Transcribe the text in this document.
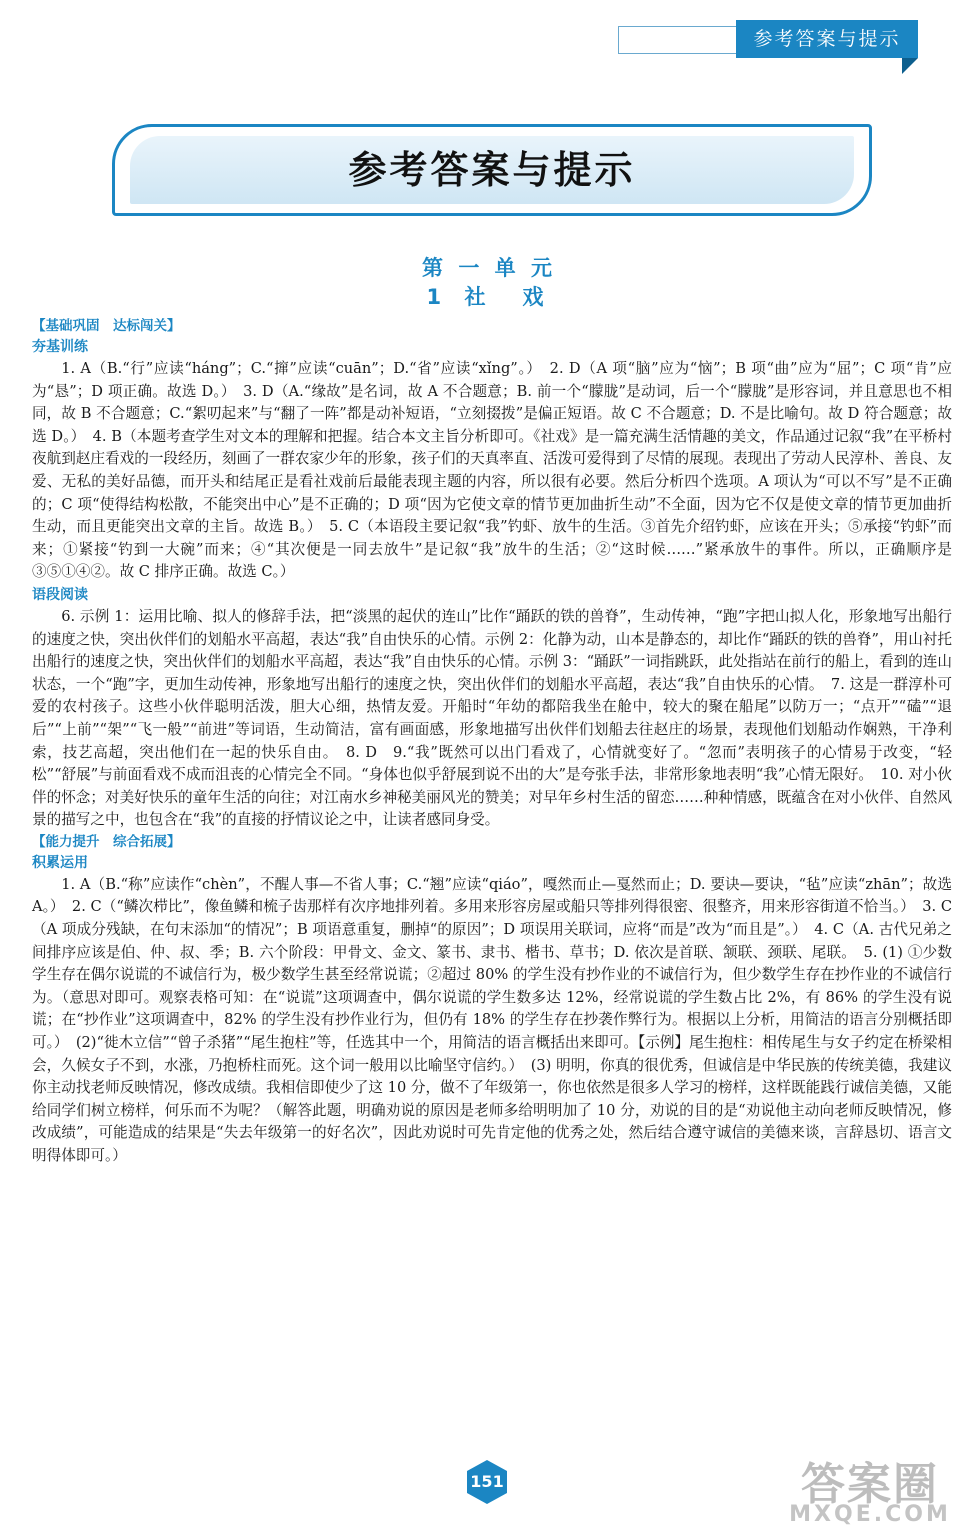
参考答案与提示
参考答案与提示
第 一 单 元
1 社　戏

【基础巩固　达标闯关】

夯基训练

1. A（B.“行”应读“háng”；C.“撺”应读“cuān”；D.“省”应读“xǐng”。）　2. D（A 项“脑”应为“恼”；B 项“曲”应为“屈”；C 项“肯”应为“恳”；D 项正确。故选 D。）　3. D（A.“缘故”是名词，故 A 不合题意；B. 前一个“朦胧”是动词，后一个“朦胧”是形容词，并且意思也不相同，故 B 不合题意；C.“絮叨起来”与“翻了一阵”都是动补短语，“立刻掇拨”是偏正短语。故 C 不合题意；D. 不是比喻句。故 D 符合题意；故选 D。）　4. B（本题考查学生对文本的理解和把握。结合本文主旨分析即可。《社戏》是一篇充满生活情趣的美文，作品通过记叙“我”在平桥村夜航到赵庄看戏的一段经历，刻画了一群农家少年的形象，孩子们的天真率直、活泼可爱得到了尽情的展现。表现出了劳动人民淳朴、善良、友爱、无私的美好品德，而开头和结尾正是看社戏前后最能表现主题的内容，所以很有必要。然后分析四个选项。A 项认为“可以不写”是不正确的；C 项“使得结构松散，不能突出中心”是不正确的；D 项“因为它使文章的情节更加曲折生动”不全面，因为它不仅是使文章的情节更加曲折生动，而且更能突出文章的主旨。故选 B。）　5. C（本语段主要记叙“我”钓虾、放牛的生活。③首先介绍钓虾，应该在开头；⑤承接“钓虾”而来；①紧接“钓到一大碗”而来；④“其次便是一同去放牛”是记叙“我”放牛的生活；②“这时候……”紧承放牛的事件。所以，正确顺序是③⑤①④②。故 C 排序正确。故选 C。）

语段阅读

6. 示例 1：运用比喻、拟人的修辞手法，把“淡黑的起伏的连山”比作“踊跃的铁的兽脊”，生动传神，“跑”字把山拟人化，形象地写出船行的速度之快，突出伙伴们的划船水平高超，表达“我”自由快乐的心情。示例 2：化静为动，山本是静态的，却比作“踊跃的铁的兽脊”，用山衬托出船行的速度之快，突出伙伴们的划船水平高超，表达“我”自由快乐的心情。示例 3：“踊跃”一词指跳跃，此处指站在前行的船上，看到的连山状态，一个“跑”字，更加生动传神，形象地写出船行的速度之快，突出伙伴们的划船水平高超，表达“我”自由快乐的心情。　7. 这是一群淳朴可爱的农村孩子。这些小伙伴聪明活泼，胆大心细，热情友爱。开船时“年幼的都陪我坐在舱中，较大的聚在船尾”以防万一；“点开”“磕”“退后”“上前”“架”“飞一般”“前进”等词语，生动简洁，富有画面感，形象地描写出伙伴们划船去往赵庄的场景，表现他们划船动作娴熟，干净利索，技艺高超，突出他们在一起的快乐自由。　8. D　9.“我”既然可以出门看戏了，心情就变好了。“忽而”表明孩子的心情易于改变，“轻松”“舒展”与前面看戏不成而沮丧的心情完全不同。“身体也似乎舒展到说不出的大”是夸张手法，非常形象地表明“我”心情无限好。　10. 对小伙伴的怀念；对美好快乐的童年生活的向往；对江南水乡神秘美丽风光的赞美；对早年乡村生活的留恋……种种情感，既蕴含在对小伙伴、自然风景的描写之中，也包含在“我”的直接的抒情议论之中，让读者感同身受。

【能力提升　综合拓展】

积累运用

1. A（B.“称”应读作“chèn”，不醒人事—不省人事；C.“翘”应读“qiáo”，嘎然而止—戛然而止；D. 要诀—要诀，“毡”应读“zhān”；故选 A。）　2. C（“鳞次栉比”，像鱼鳞和梳子齿那样有次序地排列着。多用来形容房屋或船只等排列得很密、很整齐，用来形容街道不恰当。）　3. C（A 项成分残缺，在句末添加“的情况”；B 项语意重复，删掉“的原因”；D 项误用关联词，应将“而是”改为“而且是”。）　4. C（A. 古代兄弟之间排序应该是伯、仲、叔、季；B. 六个阶段：甲骨文、金文、篆书、隶书、楷书、草书；D. 依次是首联、颔联、颈联、尾联。　5. (1) ①少数学生存在偶尔说谎的不诚信行为，极少数学生甚至经常说谎；②超过 80% 的学生没有抄作业的不诚信行为，但少数学生存在抄作业的不诚信行为。（意思对即可。观察表格可知：在“说谎”这项调查中，偶尔说谎的学生数多达 12%，经常说谎的学生数占比 2%，有 86% 的学生没有说谎；在“抄作业”这项调查中，82% 的学生没有抄作业行为，但仍有 18% 的学生存在抄袭作弊行为。根据以上分析，用简洁的语言分别概括即可。）　(2)“徙木立信”“曾子杀猪”“尾生抱柱”等，任选其中一个，用简洁的语言概括出来即可。【示例】尾生抱柱：相传尾生与女子约定在桥梁相会，久候女子不到，水涨，乃抱桥柱而死。这个词一般用以比喻坚守信约。）　(3) 明明，你真的很优秀，但诚信是中华民族的传统美德，我建议你主动找老师反映情况，修改成绩。我相信即使少了这 10 分，做不了年级第一，你也依然是很多人学习的榜样，这样既能践行诚信美德，又能给同学们树立榜样，何乐而不为呢？（解答此题，明确劝说的原因是老师多给明明加了 10 分，劝说的目的是“劝说他主动向老师反映情况，修改成绩”，可能造成的结果是“失去年级第一的好名次”，因此劝说时可先肯定他的优秀之处，然后结合遵守诚信的美德来谈，言辞恳切、语言文明得体即可。）

151	答案圈
MXQE.COM
